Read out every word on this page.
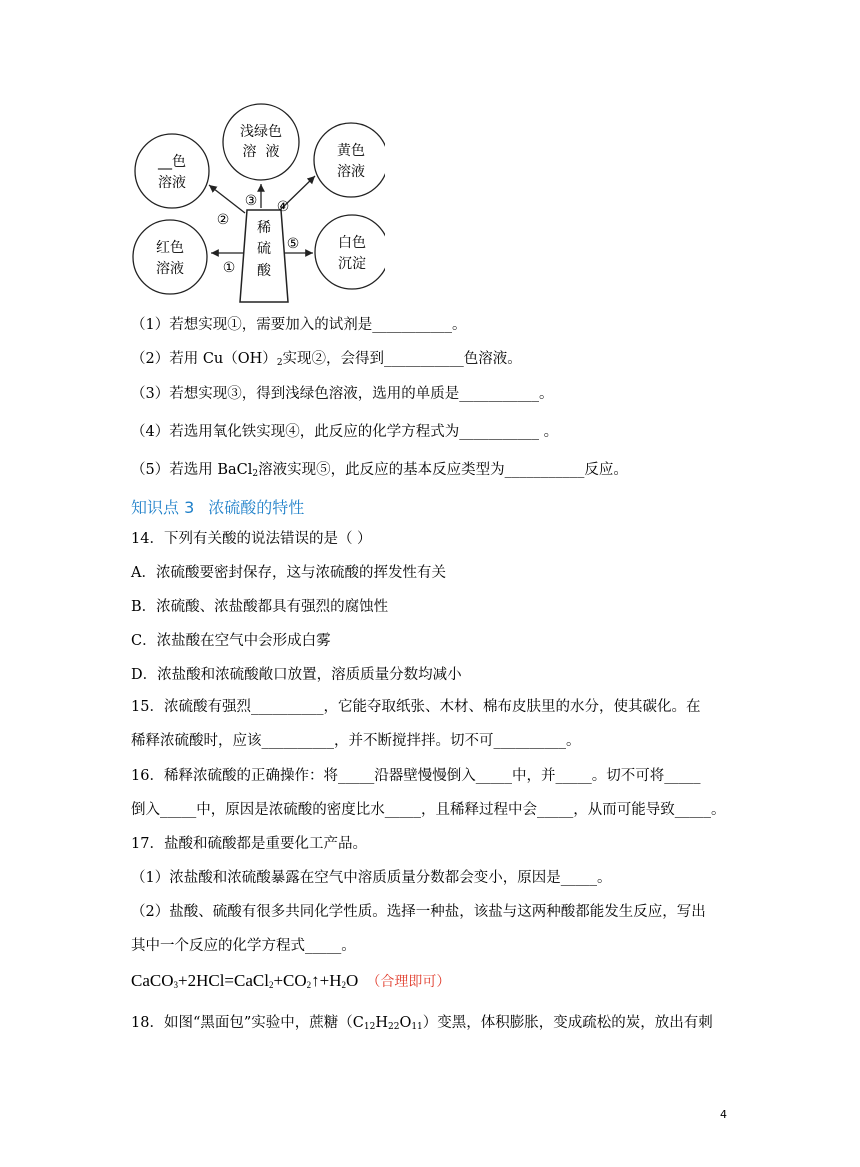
稀
硫
酸
浅绿色
溶  液
__色
溶液
黄色
溶液
红色
溶液
白色
沉淀
①
②
③ ④
⑤
（1）若想实现①，需要加入的试剂是___________。
（2）若用 $Cu(OH)_2$实现②，会得到___________色溶液。
（3）若想实现③，得到浅绿色溶液，选用的单质是___________。
（4）若选用氧化铁实现④，此反应的化学方程式为___________ 。
（5）若选用 BaCl$_2$溶液实现⑤，此反应的基本反应类型为___________反应。
知识点 3 浓硫酸的特性
14．下列有关酸的说法错误的是（ ）
A．浓硫酸要密封保存，这与浓硫酸的挥发性有关
B．浓硫酸、浓盐酸都具有强烈的腐蚀性
C．浓盐酸在空气中会形成白雾
D．浓盐酸和浓硫酸敞口放置，溶质质量分数均减小
15．浓硫酸有强烈__________，它能夺取纸张、木材、棉布皮肤里的水分，使其碳化。在
稀释浓硫酸时，应该__________，并不断搅拌拌。切不可__________。
16．稀释浓硫酸的正确操作：将_____沿器壁慢慢倒入_____中，并_____。切不可将_____
倒入_____中，原因是浓硫酸的密度比水_____，且稀释过程中会_____，从而可能导致_____。
17．盐酸和硫酸都是重要化工产品。
（1）浓盐酸和浓硫酸暴露在空气中溶质质量分数都会变小，原因是_____。
（2）盐酸、硫酸有很多共同化学性质。选择一种盐，该盐与这两种酸都能发生反应，写出
其中一个反应的化学方程式_____。
$CaCO_3+2HCl=CaCl_2+CO_2↑+H_2O$ （合理即可）
18．如图“黑面包”实验中，蔗糖$(C_{12}H_{22}O_{11})$变黑，体积膨胀，变成疏松的炭，放出有刺
4
